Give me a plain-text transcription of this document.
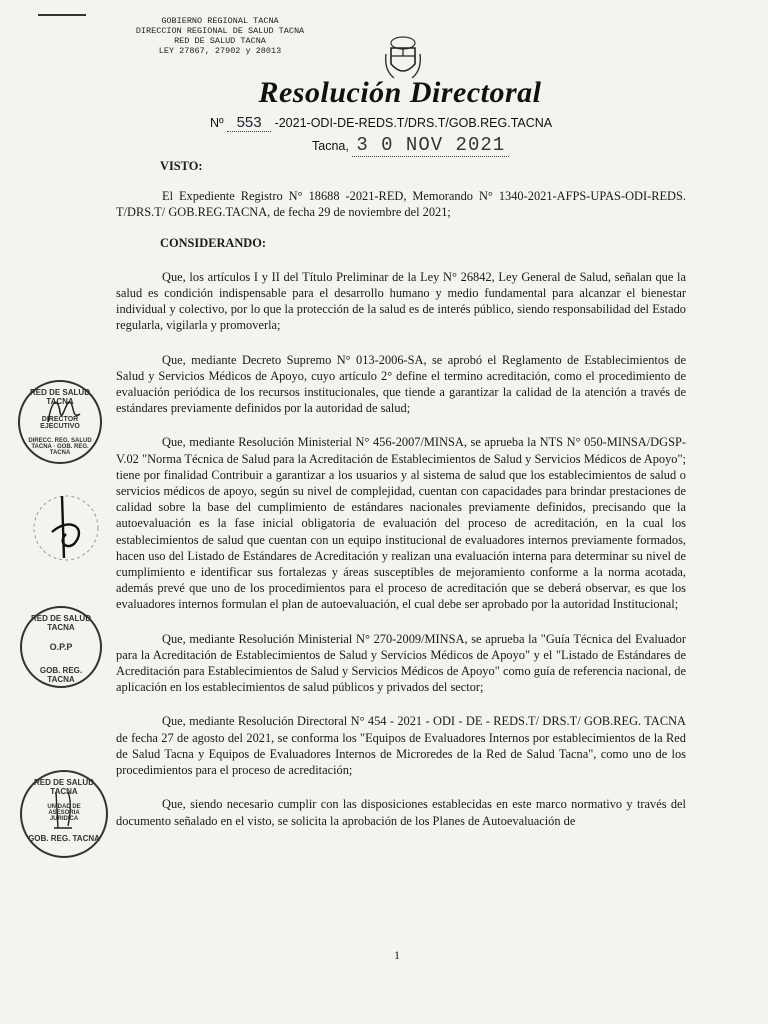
GOBIERNO REGIONAL TACNA
DIRECCION REGIONAL DE SALUD TACNA
RED DE SALUD TACNA
LEY 27867, 27902 y 28013
Resolución Directoral
Nº 553 -2021-ODI-DE-REDS.T/DRS.T/GOB.REG.TACNA
Tacna, 3 0 NOV 2021

VISTO:

El Expediente Registro N° 18688 -2021-RED, Memorando N° 1340-2021-AFPS-UPAS-ODI-REDS. T/DRS.T/ GOB.REG.TACNA, de fecha 29 de noviembre del 2021;

CONSIDERANDO:

Que, los artículos I y II del Título Preliminar de la Ley N° 26842, Ley General de Salud, señalan que la salud es condición indispensable para el desarrollo humano y medio fundamental para alcanzar el bienestar individual y colectivo, por lo que la protección de la salud es de interés público, siendo responsabilidad del Estado regularla, vigilarla y promoverla;

Que, mediante Decreto Supremo N° 013-2006-SA, se aprobó el Reglamento de Establecimientos de Salud y Servicios Médicos de Apoyo, cuyo artículo 2° define el termino acreditación, como el procedimiento de evaluación periódica de los recursos institucionales, que tiende a garantizar la calidad de la atención a través de estándares previamente definidos por la autoridad de salud;

Que, mediante Resolución Ministerial N° 456-2007/MINSA, se aprueba la NTS N° 050-MINSA/DGSP-V.02 "Norma Técnica de Salud para la Acreditación de Establecimientos de Salud y Servicios Médicos de Apoyo"; tiene por finalidad Contribuir a garantizar a los usuarios y al sistema de salud que los establecimientos de salud o servicios médicos de apoyo, según su nivel de complejidad, cuentan con capacidades para brindar prestaciones de calidad sobre la base del cumplimiento de estándares nacionales previamente definidos, precisando que la autoevaluación es la fase inicial obligatoria de evaluación del proceso de acreditación, en la cual los establecimientos de salud que cuentan con un equipo institucional de evaluadores internos previamente formados, hacen uso del Listado de Estándares de Acreditación y realizan una evaluación interna para determinar su nivel de cumplimiento e identificar sus fortalezas y áreas susceptibles de mejoramiento conforme a la norma acotada, además prevé que uno de los procedimientos para el proceso de acreditación que se deberá observar, es que los evaluadores internos formulan el plan de autoevaluación, el cual debe ser aprobado por la autoridad Institucional;

Que, mediante Resolución Ministerial N° 270-2009/MINSA, se aprueba la "Guía Técnica del Evaluador para la Acreditación de Establecimientos de Salud y Servicios Médicos de Apoyo" y el "Listado de Estándares de Acreditación para Establecimientos de Salud y Servicios Médicos de Apoyo" como guía de referencia nacional, de aplicación en los establecimientos de salud públicos y privados del sector;

Que, mediante Resolución Directoral N° 454 - 2021 - ODI - DE - REDS.T/ DRS.T/ GOB.REG. TACNA de fecha 27 de agosto del 2021, se conforma los "Equipos de Evaluadores Internos por establecimientos de la Red de Salud Tacna y Equipos de Evaluadores Internos de Microredes de la Red de Salud Tacna", como uno de los procedimientos para el proceso de acreditación;

Que, siendo necesario cumplir con las disposiciones establecidas en este marco normativo y través del documento señalado en el visto, se solicita la aprobación de los Planes de Autoevaluación de

RED DE SALUD TACNA
DIRECTOR EJECUTIVO
DIRECC. REG. SALUD TACNA · GOB. REG. TACNA
RED DE SALUD TACNA
O.P.P
GOB. REG. TACNA
RED DE SALUD TACNA
UNIDAD DE ASESORIA JURIDICA
GOB. REG. TACNA
1
